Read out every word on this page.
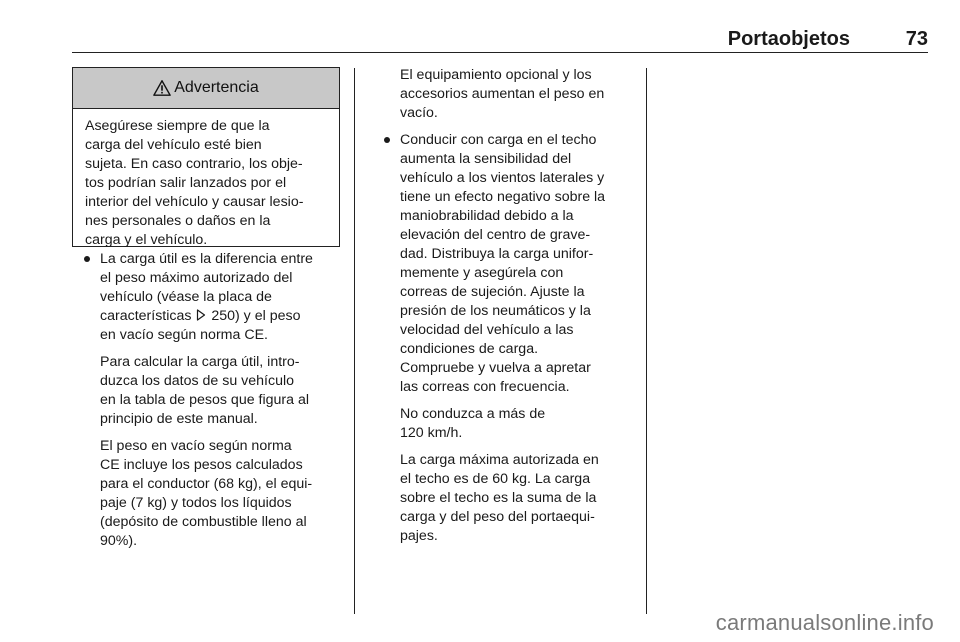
Portaobjetos	73
Advertencia

Asegúrese siempre de que la

carga del vehículo esté bien

sujeta. En caso contrario, los obje-

tos podrían salir lanzados por el

interior del vehículo y causar lesio-

nes personales o daños en la

carga y el vehículo.

La carga útil es la diferencia entre

el peso máximo autorizado del

vehículo (véase la placa de

características  250) y el peso

en vacío según norma CE.

Para calcular la carga útil, intro-

duzca los datos de su vehículo

en la tabla de pesos que figura al

principio de este manual.

El peso en vacío según norma

CE incluye los pesos calculados

para el conductor (68 kg), el equi-

paje (7 kg) y todos los líquidos

(depósito de combustible lleno al

90%).

El equipamiento opcional y los

accesorios aumentan el peso en

vacío.

Conducir con carga en el techo

aumenta la sensibilidad del

vehículo a los vientos laterales y

tiene un efecto negativo sobre la

maniobrabilidad debido a la

elevación del centro de grave-

dad. Distribuya la carga unifor-

memente y asegúrela con

correas de sujeción. Ajuste la

presión de los neumáticos y la

velocidad del vehículo a las

condiciones de carga.

Compruebe y vuelva a apretar

las correas con frecuencia.

No conduzca a más de

120 km/h.

La carga máxima autorizada en

el techo es de 60 kg. La carga

sobre el techo es la suma de la

carga y del peso del portaequi-

pajes.

carmanualsonline.info
